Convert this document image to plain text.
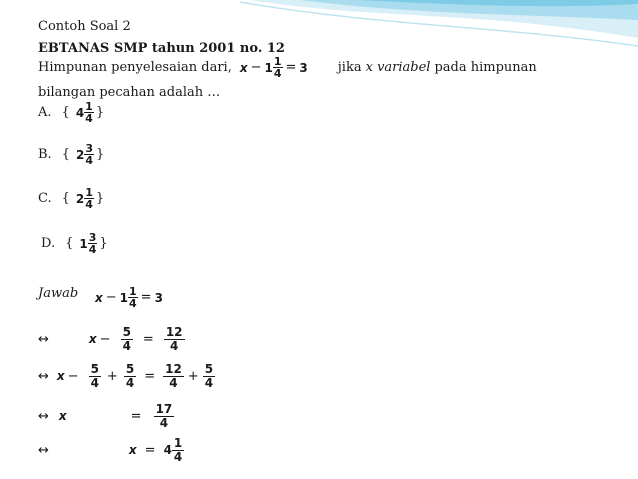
Contoh Soal 2
EBTANAS SMP tahun 2001 no. 12
Himpunan penyelesaian dari, $x - 1 \frac{1}{4} = 3$ jika x variabel pada himpunan
bilangan pecahan adalah …
A. { $4 \frac{1}{4}$ }
B. { $2 \frac{3}{4}$ }
C. { $2 \frac{1}{4}$ }
D. { $1 \frac{3}{4}$ }
Jawab $x - 1 \frac{1}{4} = 3$
↔	$x - \frac{5}{4} = \frac{12}{4}$
↔ $x - \frac{5}{4} + \frac{5}{4} = \frac{12}{4} + \frac{5}{4}$
↔ x	= $\frac{17}{4}$
↔	$x = 4 \frac{1}{4}$
